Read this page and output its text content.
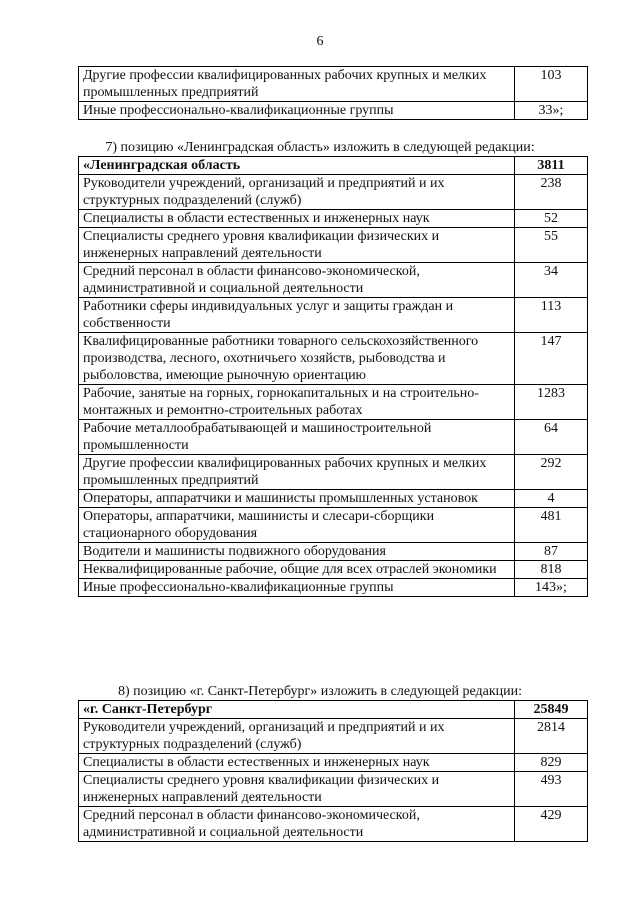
6
Другие профессии квалифицированных рабочих крупных и мелких промышленных предприятий	103
Иные профессионально-квалификационные группы	33»;
7) позицию «Ленинградская область» изложить в следующей редакции:
«Ленинградская область	3811
Руководители учреждений, организаций и предприятий и их структурных подразделений (служб)	238
Специалисты в области естественных и инженерных наук	52
Специалисты среднего уровня квалификации физических и инженерных направлений деятельности	55
Средний персонал в области финансово-экономической, административной и социальной деятельности	34
Работники сферы индивидуальных услуг и защиты граждан и собственности	113
Квалифицированные работники товарного сельскохозяйственного производства, лесного, охотничьего хозяйств, рыбоводства и рыболовства, имеющие рыночную ориентацию	147
Рабочие, занятые на горных, горнокапитальных и на строительно-монтажных и ремонтно-строительных работах	1283
Рабочие металлообрабатывающей и машиностроительной промышленности	64
Другие профессии квалифицированных рабочих крупных и мелких промышленных предприятий	292
Операторы, аппаратчики и машинисты промышленных установок	4
Операторы, аппаратчики, машинисты и слесари-сборщики стационарного оборудования	481
Водители и машинисты подвижного оборудования	87
Неквалифицированные рабочие, общие для всех отраслей экономики	818
Иные профессионально-квалификационные группы	143»;
8) позицию «г. Санкт-Петербург» изложить в следующей редакции:
«г. Санкт-Петербург	25849
Руководители учреждений, организаций и предприятий и их структурных подразделений (служб)	2814
Специалисты в области естественных и инженерных наук	829
Специалисты среднего уровня квалификации физических и инженерных направлений деятельности	493
Средний персонал в области финансово-экономической, административной и социальной деятельности	429
